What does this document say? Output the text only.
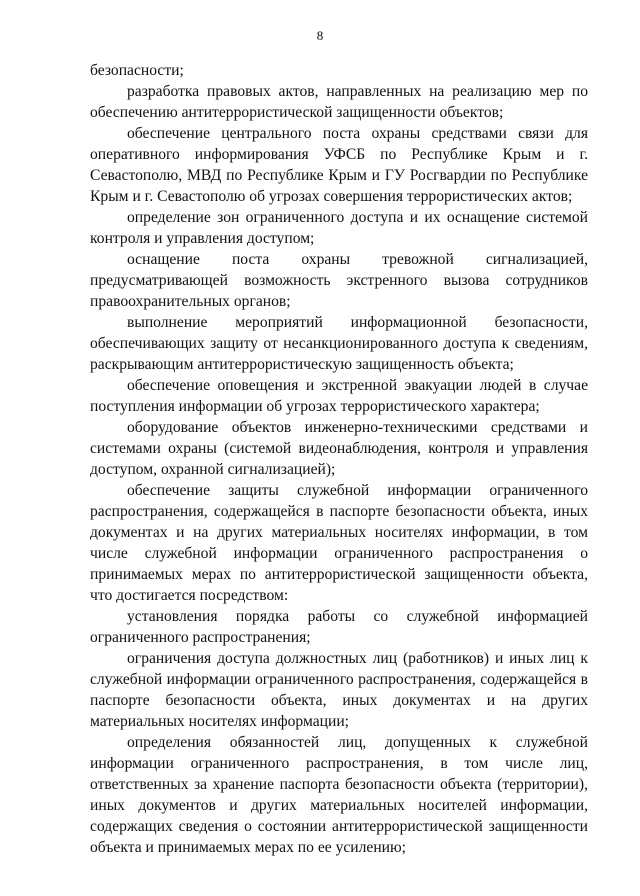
8

безопасности;

разработка правовых актов, направленных на реализацию мер по обеспечению антитеррористической защищенности объектов;

обеспечение центрального поста охраны средствами связи для оперативного информирования УФСБ по Республике Крым и г. Севастополю, МВД по Республике Крым и ГУ Росгвардии по Республике Крым и г. Севастополю об угрозах совершения террористических актов;

определение зон ограниченного доступа и их оснащение системой контроля и управления доступом;

оснащение поста охраны тревожной сигнализацией, предусматривающей возможность экстренного вызова сотрудников правоохранительных органов;

выполнение мероприятий информационной безопасности, обеспечивающих защиту от несанкционированного доступа к сведениям, раскрывающим антитеррористическую защищенность объекта;

обеспечение оповещения и экстренной эвакуации людей в случае поступления информации об угрозах террористического характера;

оборудование объектов инженерно-техническими средствами и системами охраны (системой видеонаблюдения, контроля и управления доступом, охранной сигнализацией);

обеспечение защиты служебной информации ограниченного распространения, содержащейся в паспорте безопасности объекта, иных документах и на других материальных носителях информации, в том числе служебной информации ограниченного распространения о принимаемых мерах по антитеррористической защищенности объекта, что достигается посредством:

установления порядка работы со служебной информацией ограниченного распространения;

ограничения доступа должностных лиц (работников) и иных лиц к служебной информации ограниченного распространения, содержащейся в паспорте безопасности объекта, иных документах и на других материальных носителях информации;

определения обязанностей лиц, допущенных к служебной информации ограниченного распространения, в том числе лиц, ответственных за хранение паспорта безопасности объекта (территории), иных документов и других материальных носителей информации, содержащих сведения о состоянии антитеррористической защищенности объекта и принимаемых мерах по ее усилению;
